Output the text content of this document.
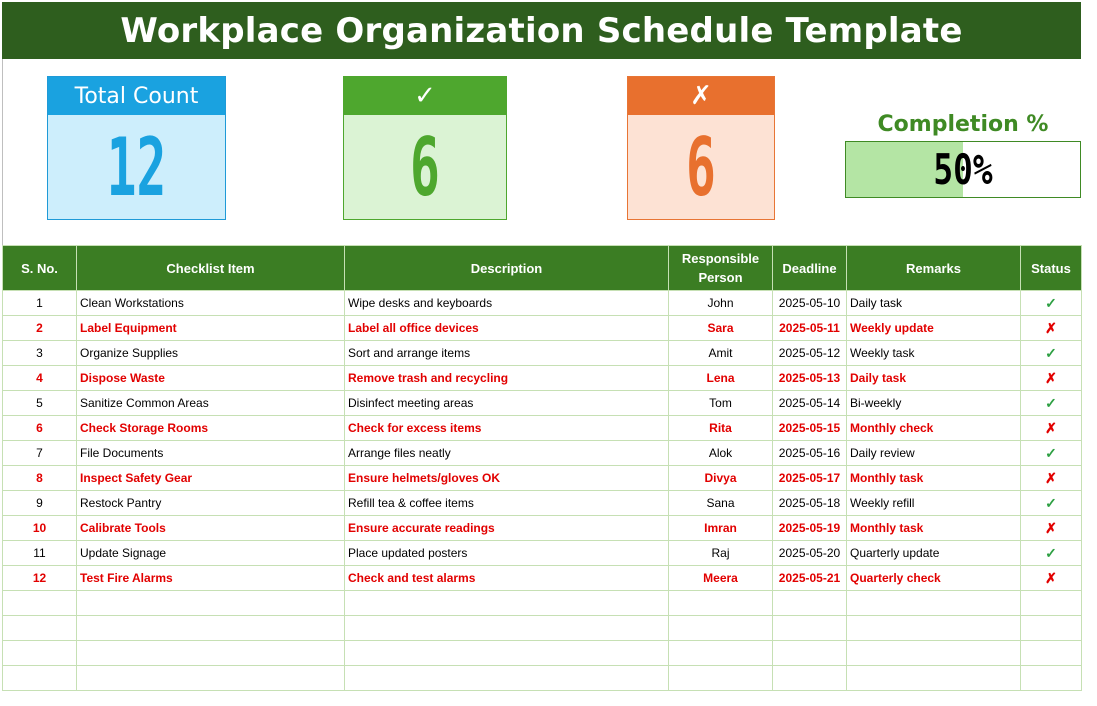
Workplace Organization Schedule Template
Total Count
12
✓
6
✗
6	Completion %
50%
S. No.	Checklist Item	Description	Responsible Person	Deadline	Remarks	Status
1	Clean Workstations	Wipe desks and keyboards	John	2025-05-10	Daily task	✓
2	Label Equipment	Label all office devices	Sara	2025-05-11	Weekly update	✗
3	Organize Supplies	Sort and arrange items	Amit	2025-05-12	Weekly task	✓
4	Dispose Waste	Remove trash and recycling	Lena	2025-05-13	Daily task	✗
5	Sanitize Common Areas	Disinfect meeting areas	Tom	2025-05-14	Bi-weekly	✓
6	Check Storage Rooms	Check for excess items	Rita	2025-05-15	Monthly check	✗
7	File Documents	Arrange files neatly	Alok	2025-05-16	Daily review	✓
8	Inspect Safety Gear	Ensure helmets/gloves OK	Divya	2025-05-17	Monthly task	✗
9	Restock Pantry	Refill tea & coffee items	Sana	2025-05-18	Weekly refill	✓
10	Calibrate Tools	Ensure accurate readings	Imran	2025-05-19	Monthly task	✗
11	Update Signage	Place updated posters	Raj	2025-05-20	Quarterly update	✓
12	Test Fire Alarms	Check and test alarms	Meera	2025-05-21	Quarterly check	✗
